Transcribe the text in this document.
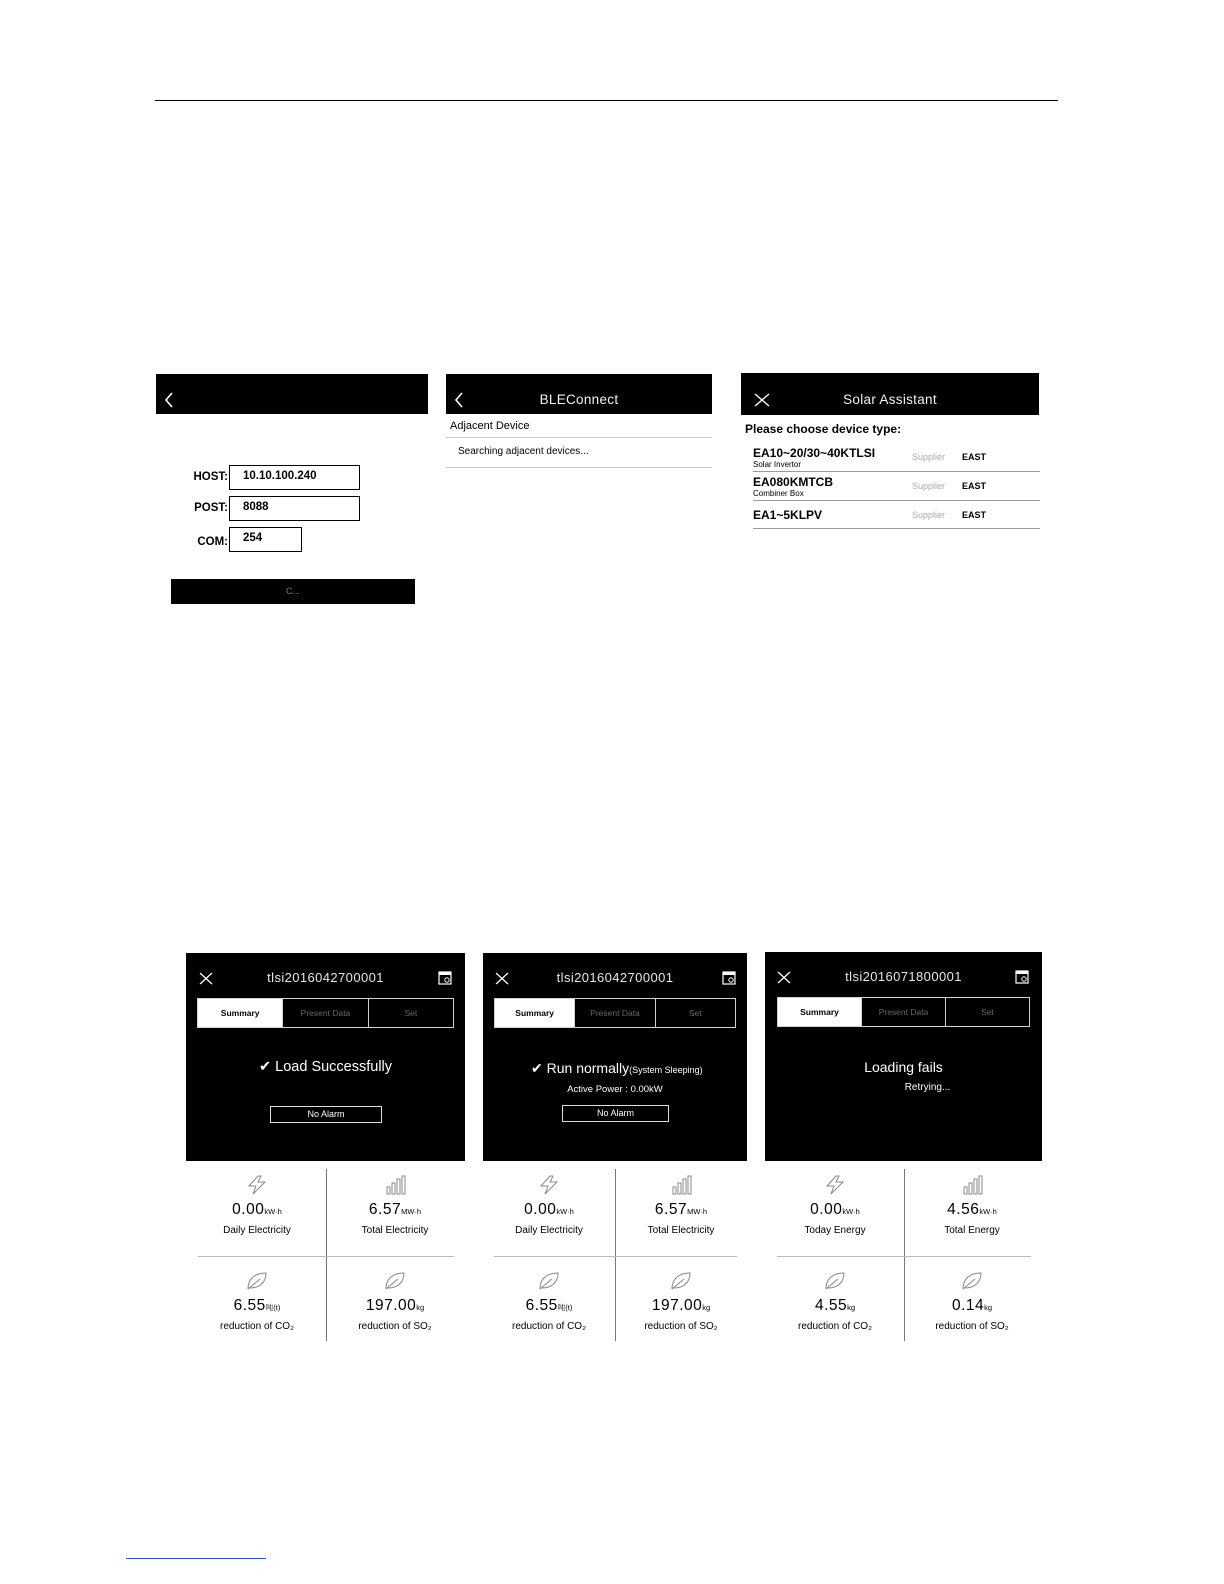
HOST:	10.10.100.240
POST:	8088
COM:	254
C...
BLEConnect
Adjacent Device
Searching adjacent devices...
Solar Assistant
Please choose device type:
EA10~20/30~40KTLSI
Solar Invertor
Supplier EAST
EA080KMTCB
Combiner Box
Supplier EAST
EA1~5KLPV	Supplier EAST
tlsi2016042700001
Summary	Present Data	Set
✔ Load Successfully
No Alarm
0.00kW·h
Daily Electricity
6.57MW·h
Total Electricity
6.55吨(t)
reduction of CO₂
197.00kg
reduction of SO₂
tlsi2016042700001
Summary	Present Data	Set
✔ Run normally(System Sleeping)
Active Power : 0.00kW
No Alarm
0.00kW·h
Daily Electricity
6.57MW·h
Total Electricity
6.55吨(t)
reduction of CO₂
197.00kg
reduction of SO₂
tlsi2016071800001
Summary	Present Data	Set
Loading fails
Retrying...
0.00kW·h
Today Energy
4.56kW·h
Total Energy
4.55kg
reduction of CO₂
0.14kg
reduction of SO₂
